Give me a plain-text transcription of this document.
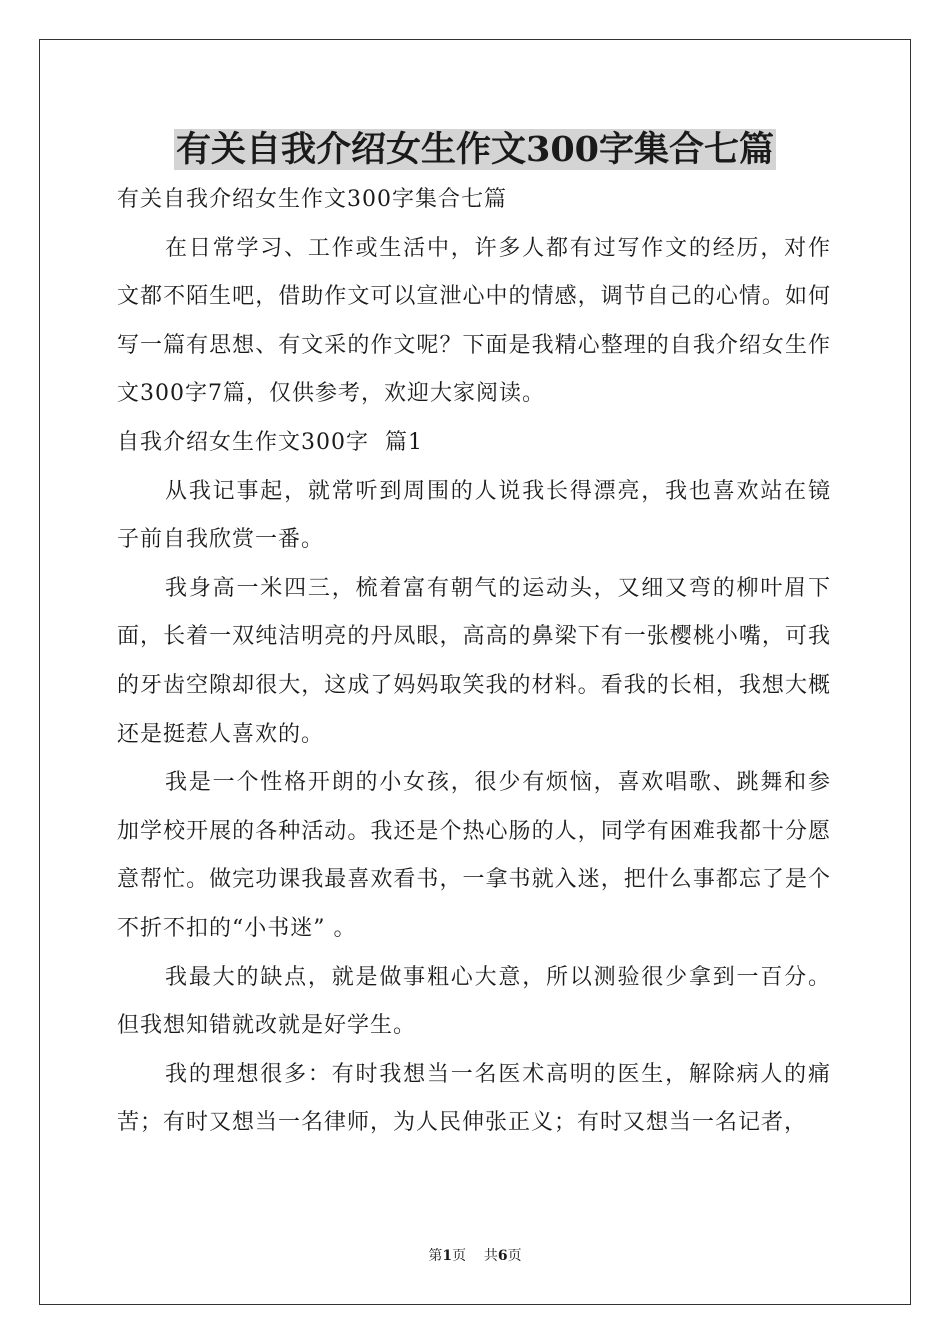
有关自我介绍女生作文300字集合七篇

有关自我介绍女生作文300字集合七篇

在日常学习、工作或生活中，许多人都有过写作文的经历，对作文都不陌生吧，借助作文可以宣泄心中的情感，调节自己的心情。如何写一篇有思想、有文采的作文呢？下面是我精心整理的自我介绍女生作文300字7篇，仅供参考，欢迎大家阅读。

自我介绍女生作文300字  篇1

从我记事起，就常听到周围的人说我长得漂亮，我也喜欢站在镜子前自我欣赏一番。

我身高一米四三，梳着富有朝气的运动头，又细又弯的柳叶眉下面，长着一双纯洁明亮的丹凤眼，高高的鼻梁下有一张樱桃小嘴，可我的牙齿空隙却很大，这成了妈妈取笑我的材料。看我的长相，我想大概还是挺惹人喜欢的。

我是一个性格开朗的小女孩，很少有烦恼，喜欢唱歌、跳舞和参加学校开展的各种活动。我还是个热心肠的人，同学有困难我都十分愿意帮忙。做完功课我最喜欢看书，一拿书就入迷，把什么事都忘了是个不折不扣的“小书迷” 。

我最大的缺点，就是做事粗心大意，所以测验很少拿到一百分。但我想知错就改就是好学生。

我的理想很多：有时我想当一名医术高明的医生，解除病人的痛苦；有时又想当一名律师，为人民伸张正义；有时又想当一名记者，

第1页 共6页
